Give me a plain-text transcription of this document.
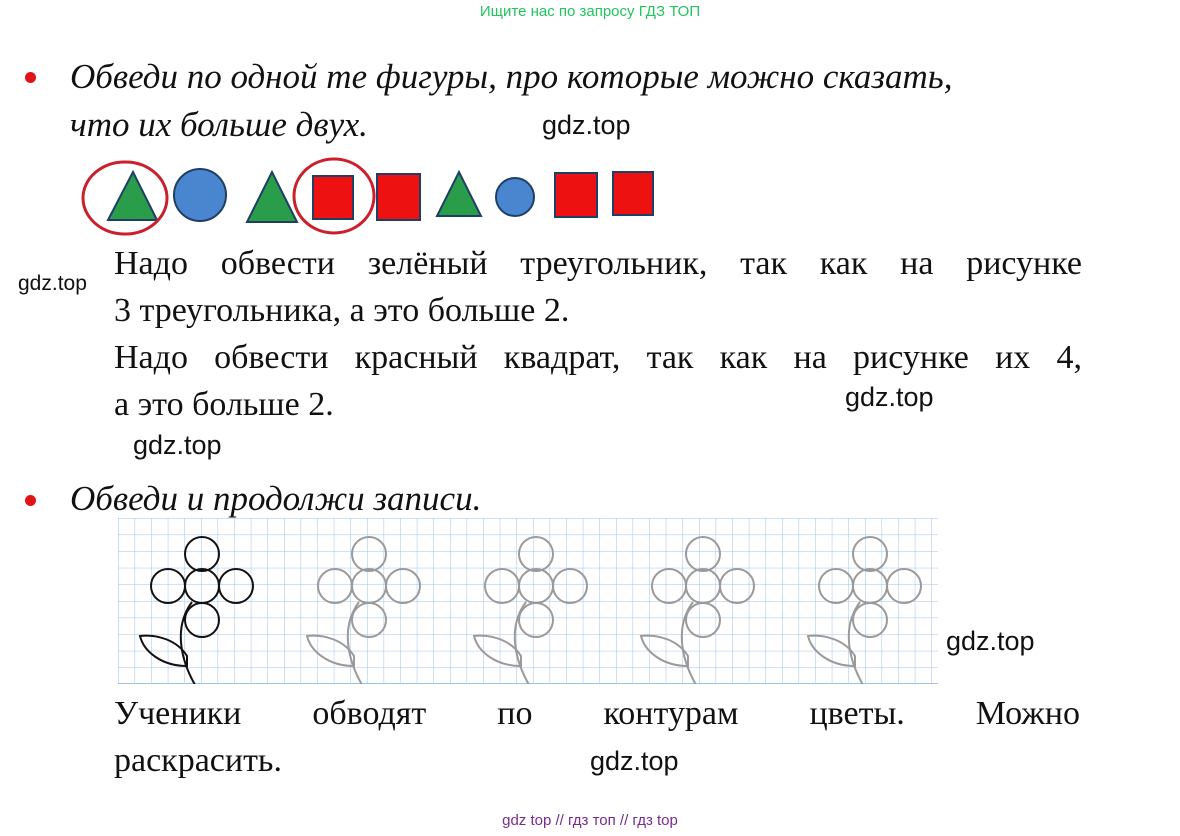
Ищите нас по запросу ГДЗ ТОП
Обведи по одной те фигуры, про которые можно сказать,
что их больше двух.	gdz.top
gdz.top
Надо обвести зелёный треугольник, так как на рисунке
3 треугольника, а это больше 2.
Надо обвести красный квадрат, так как на рисунке их 4,
а это больше 2.	gdz.top
gdz.top
Обведи и продолжи записи.
gdz.top
Ученики обводят по контурам цветы. Можно
раскрасить.	gdz.top
gdz top // гдз топ // гдз top
